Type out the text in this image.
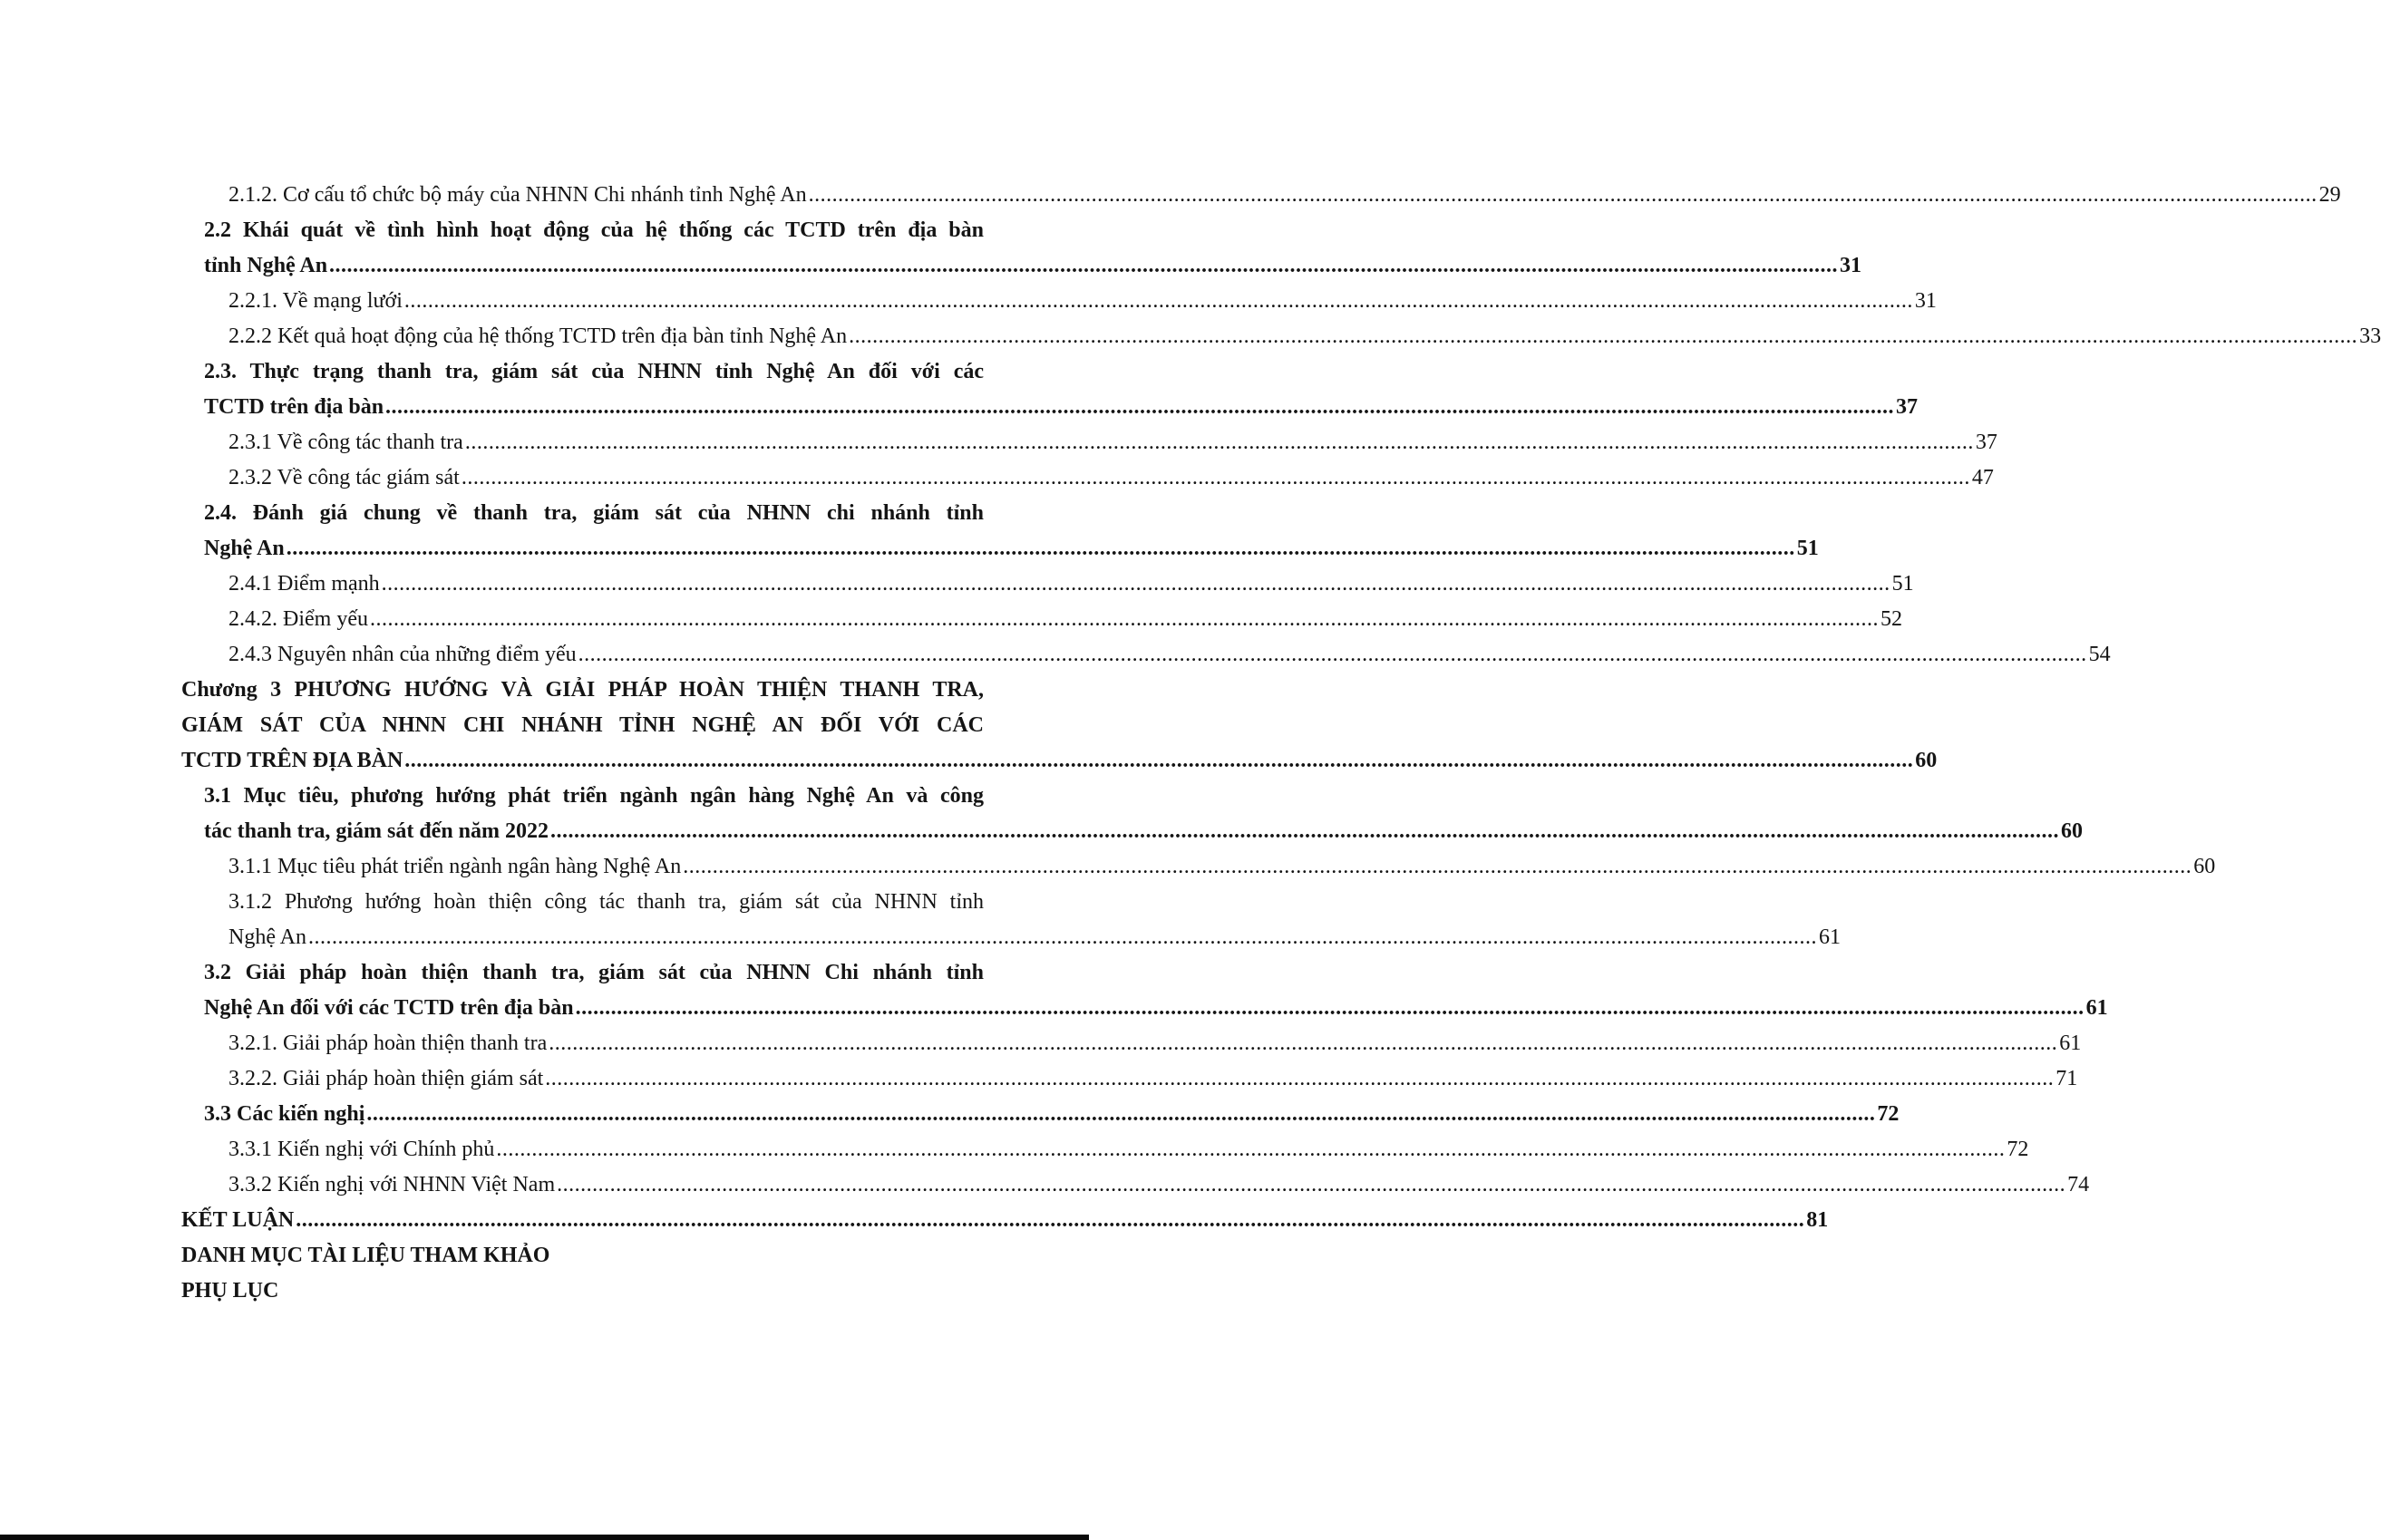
2.1.2. Cơ cấu tổ chức bộ máy của NHNN Chi nhánh tỉnh Nghệ An .....	29
2.2 Khái quát về tình hình hoạt động của hệ thống các TCTD trên địa bàn
tỉnh Nghệ An .....	31
2.2.1. Về mạng lưới .....	31
2.2.2 Kết quả hoạt động của hệ thống TCTD trên địa bàn tỉnh Nghệ An .....	33
2.3. Thực trạng thanh tra, giám sát của NHNN tỉnh Nghệ An đối với các
TCTD trên địa bàn .....	37
2.3.1 Về công tác thanh tra .....	37
2.3.2 Về công tác giám sát .....	47
2.4. Đánh giá chung về thanh tra, giám sát của NHNN chi nhánh tỉnh
Nghệ An .....	51
2.4.1 Điểm mạnh .....	51
2.4.2. Điểm yếu .....	52
2.4.3 Nguyên nhân của những điểm yếu .....	54
Chương 3 PHƯƠNG HƯỚNG VÀ GIẢI PHÁP HOÀN THIỆN THANH TRA,
GIÁM SÁT CỦA NHNN CHI NHÁNH TỈNH NGHỆ AN ĐỐI VỚI CÁC
TCTD TRÊN ĐỊA BÀN .....	60
3.1 Mục tiêu, phương hướng phát triển ngành ngân hàng Nghệ An và công
tác thanh tra, giám sát đến năm 2022 .....	60
3.1.1 Mục tiêu phát triển ngành ngân hàng Nghệ An .....	60
3.1.2 Phương hướng hoàn thiện công tác thanh tra, giám sát của NHNN tỉnh
Nghệ An .....	61
3.2 Giải pháp hoàn thiện thanh tra, giám sát của NHNN Chi nhánh tỉnh
Nghệ An đối với các TCTD trên địa bàn .....	61
3.2.1. Giải pháp hoàn thiện thanh tra .....	61
3.2.2. Giải pháp hoàn thiện giám sát .....	71
3.3 Các kiến nghị .....	72
3.3.1 Kiến nghị với Chính phủ .....	72
3.3.2 Kiến nghị với NHNN Việt Nam .....	74
KẾT LUẬN .....	81
DANH MỤC TÀI LIỆU THAM KHẢO
PHỤ LỤC
